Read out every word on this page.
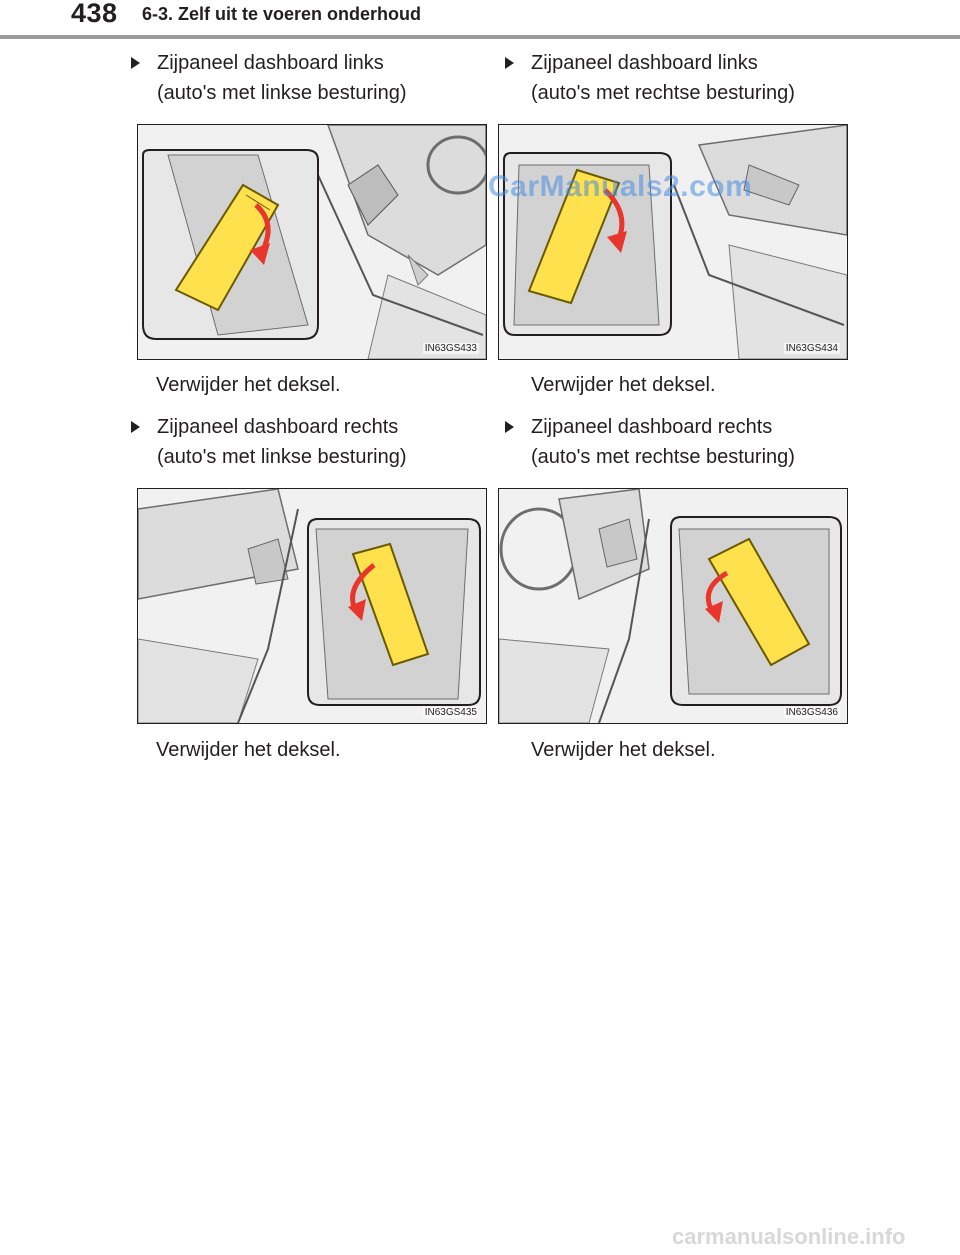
438 6-3. Zelf uit te voeren onderhoud
Zijpaneel dashboard links
(auto's met linkse besturing)
IN63GS433
Verwijder het deksel.
Zijpaneel dashboard links
(auto's met rechtse besturing)
IN63GS434
Verwijder het deksel.
Zijpaneel dashboard rechts
(auto's met linkse besturing)
IN63GS435
Verwijder het deksel.
Zijpaneel dashboard rechts
(auto's met rechtse besturing)
IN63GS436
Verwijder het deksel.
CarManuals2.com
carmanualsonline.info
